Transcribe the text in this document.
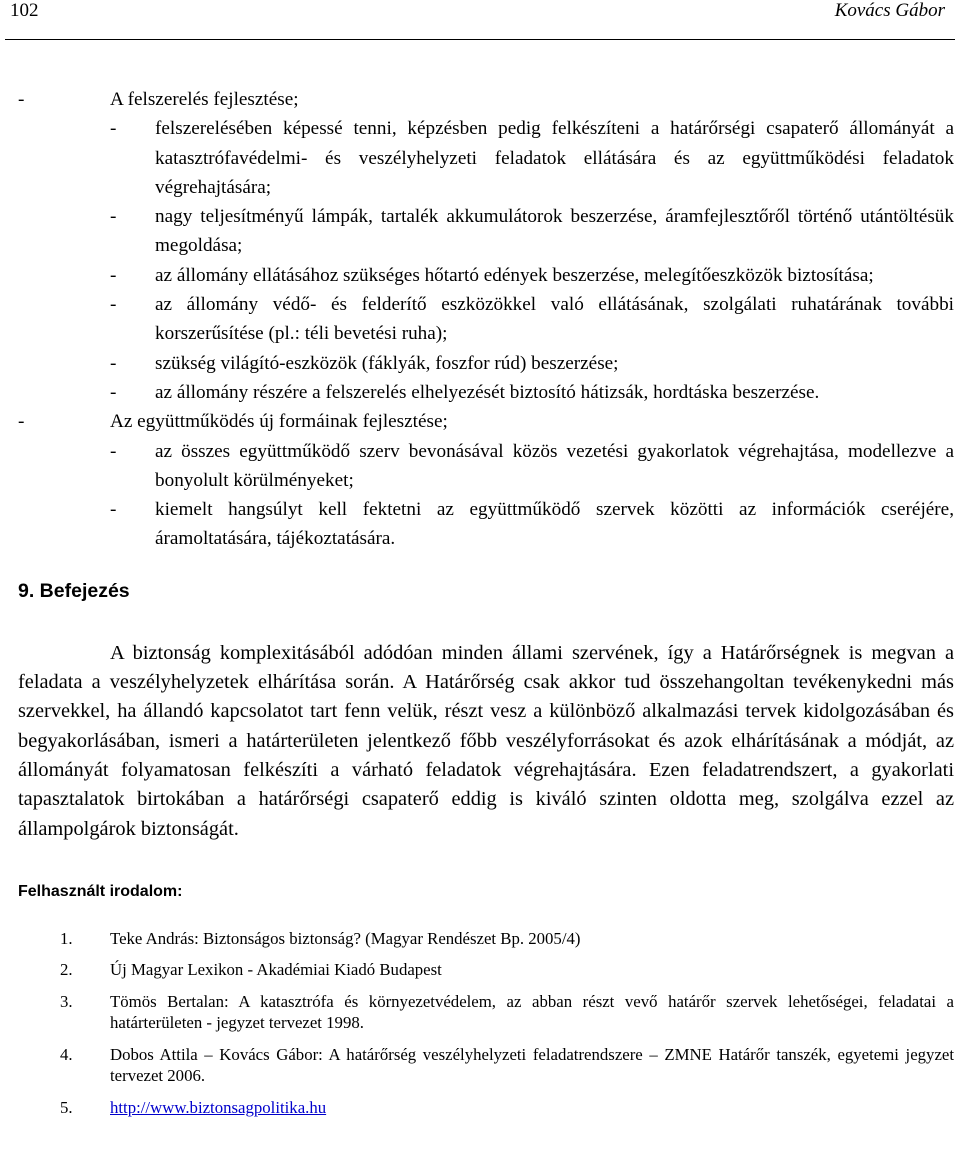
102	Kovács Gábor
-	A felszerelés fejlesztése;
-	felszerelésében képessé tenni, képzésben pedig felkészíteni a határőrségi csapaterő állományát a katasztrófavédelmi- és veszélyhelyzeti feladatok ellátására és az együttműködési feladatok végrehajtására;
-	nagy teljesítményű lámpák, tartalék akkumulátorok beszerzése, áramfejlesztőről történő utántöltésük megoldása;
-	az állomány ellátásához szükséges hőtartó edények beszerzése, melegítőeszközök biztosítása;
-	az állomány védő- és felderítő eszközökkel való ellátásának, szolgálati ruhatárának további korszerűsítése (pl.: téli bevetési ruha);
-	szükség világító-eszközök (fáklyák, foszfor rúd) beszerzése;
-	az állomány részére a felszerelés elhelyezését biztosító hátizsák, hordtáska beszerzése.
-	Az együttműködés új formáinak fejlesztése;
-	az összes együttműködő szerv bevonásával közös vezetési gyakorlatok végrehajtása, modellezve a bonyolult körülményeket;
-	kiemelt hangsúlyt kell fektetni az együttműködő szervek közötti az információk cseréjére, áramoltatására, tájékoztatására.
9. Befejezés

A biztonság komplexitásából adódóan minden állami szervének, így a Határőrségnek is megvan a feladata a veszélyhelyzetek elhárítása során. A Határőrség csak akkor tud összehangoltan tevékenykedni más szervekkel, ha állandó kapcsolatot tart fenn velük, részt vesz a különböző alkalmazási tervek kidolgozásában és begyakorlásában, ismeri a határterületen jelentkező főbb veszélyforrásokat és azok elhárításának a módját, az állományát folyamatosan felkészíti a várható feladatok végrehajtására. Ezen feladatrendszert, a gyakorlati tapasztalatok birtokában a határőrségi csapaterő eddig is kiváló szinten oldotta meg, szolgálva ezzel az állampolgárok biztonságát.

Felhasznált irodalom:
1.	Teke András: Biztonságos biztonság? (Magyar Rendészet Bp. 2005/4)
2.	Új Magyar Lexikon - Akadémiai Kiadó Budapest
3.	Tömös Bertalan: A katasztrófa és környezetvédelem, az abban részt vevő határőr szervek lehetőségei, feladatai a határterületen - jegyzet tervezet 1998.
4.	Dobos Attila – Kovács Gábor: A határőrség veszélyhelyzeti feladatrendszere – ZMNE Határőr tanszék, egyetemi jegyzet tervezet 2006.
5.	http://www.biztonsagpolitika.hu
